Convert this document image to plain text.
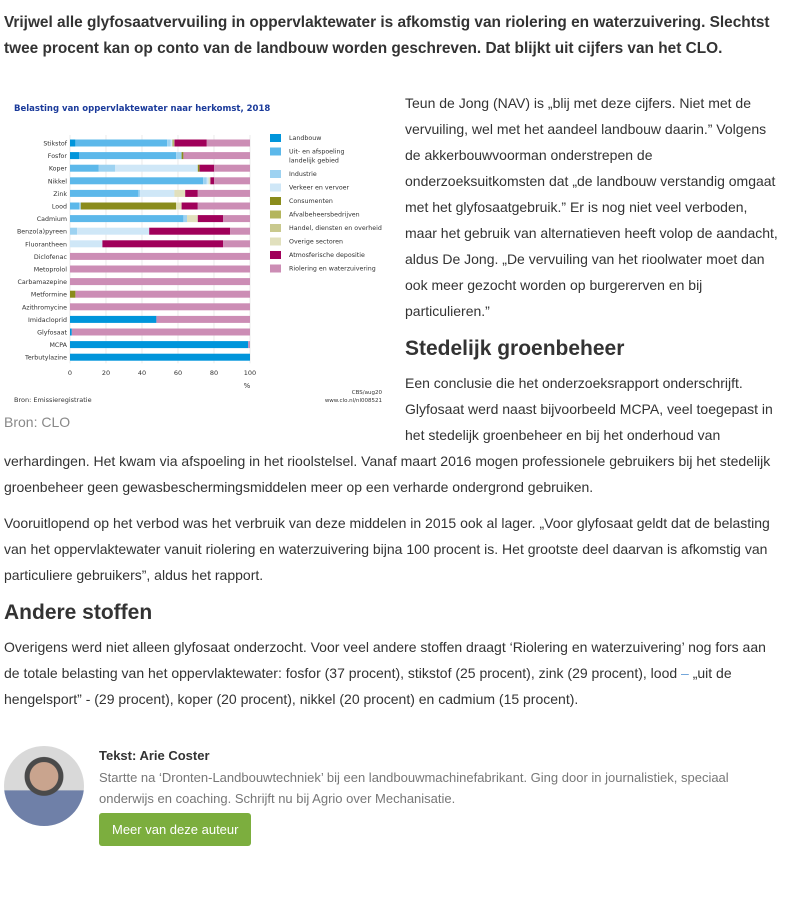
Vrijwel alle glyfosaatvervuiling in oppervlaktewater is afkomstig van riolering en waterzuivering. Slechtst twee procent kan op conto van de landbouw worden geschreven. Dat blijkt uit cijfers van het CLO.
Belasting van oppervlaktewater naar herkomst, 2018
Stikstof
Fosfor
Koper
Nikkel
Zink
Lood
Cadmium
Benzo(a)pyreen
Fluorantheen
Diclofenac
Metoprolol
Carbamazepine
Metformine
Azithromycine
Imidacloprid
Glyfosaat
MCPA
Terbutylazine
0	20	40	60	80	100
Landbouw
Uit- en afspoeling landelijk gebied
Industrie
Verkeer en vervoer
Consumenten
Afvalbeheersbedrijven
Handel, diensten en overheid
Overige sectoren
Atmosferische depositie
Riolering en waterzuivering
%
Bron: Emissieregistratie
CBS/aug20
www.clo.nl/nl008521
Bron: CLO

Teun de Jong (NAV) is „blij met deze cijfers. Niet met de vervuiling, wel met het aandeel landbouw daarin.” Volgens de akkerbouwvoorman onderstrepen de onderzoeksuitkomsten dat „de landbouw verstandig omgaat met het glyfosaatgebruik.” Er is nog niet veel verboden, maar het gebruik van alternatieven heeft volop de aandacht, aldus De Jong. „De vervuiling van het rioolwater moet dan ook meer gezocht worden op burgererven en bij particulieren.”

Stedelijk groenbeheer

Een conclusie die het onderzoeksrapport onderschrijft. Glyfosaat werd naast bijvoorbeeld MCPA, veel toegepast in het stedelijk groenbeheer en bij het onderhoud van verhardingen. Het kwam via afspoeling in het rioolstelsel. Vanaf maart 2016 mogen professionele gebruikers bij het stedelijk groenbeheer geen gewasbeschermingsmiddelen meer op een verharde ondergrond gebruiken.

Vooruitlopend op het verbod was het verbruik van deze middelen in 2015 ook al lager. „Voor glyfosaat geldt dat de belasting van het oppervlaktewater vanuit riolering en waterzuivering bijna 100 procent is. Het grootste deel daarvan is afkomstig van particuliere gebruikers”, aldus het rapport.

Andere stoffen

Overigens werd niet alleen glyfosaat onderzocht. Voor veel andere stoffen draagt ‘Riolering en waterzuivering’ nog fors aan de totale belasting van het oppervlaktewater: fosfor (37 procent), stikstof (25 procent), zink (29 procent), lood – „uit de hengelsport” - (29 procent), koper (20 procent), nikkel (20 procent) en cadmium (15 procent).

Tekst: Arie Coster
Startte na ‘Dronten-Landbouwtechniek’ bij een landbouwmachinefabrikant. Ging door in journalistiek, speciaal onderwijs en coaching. Schrijft nu bij Agrio over Mechanisatie.
Meer van deze auteur
